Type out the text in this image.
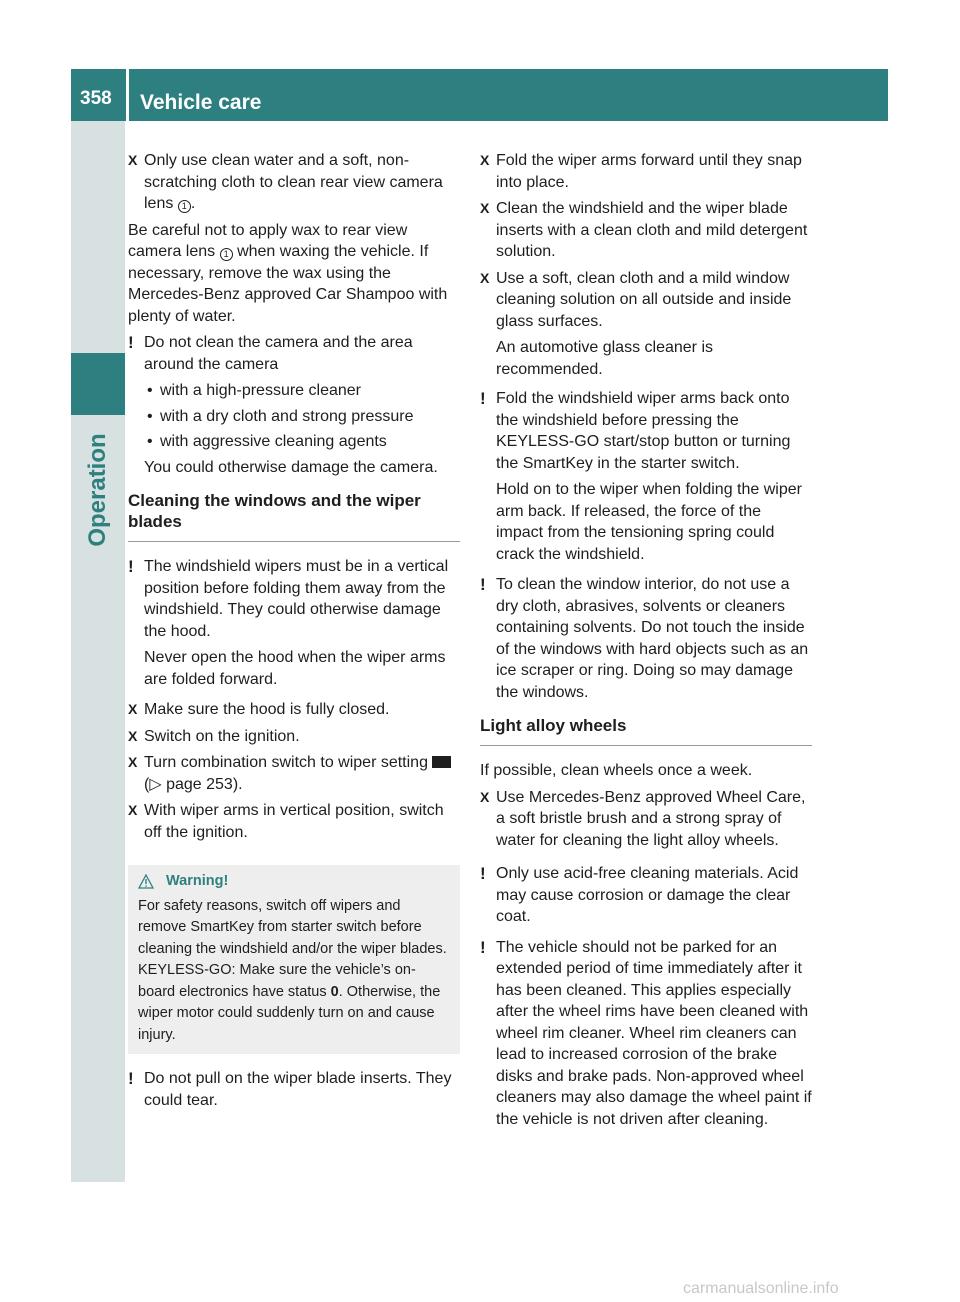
358 Vehicle care
Operation
X Only use clean water and a soft, non-scratching cloth to clean rear view camera lens 1 .
Be careful not to apply wax to rear view camera lens 1 when waxing the vehicle. If necessary, remove the wax using the Mercedes-Benz approved Car Shampoo with plenty of water.
! Do not clean the camera and the area around the camera
• with a high-pressure cleaner
• with a dry cloth and strong pressure
• with aggressive cleaning agents
You could otherwise damage the camera.
Cleaning the windows and the wiper blades
! The windshield wipers must be in a vertical position before folding them away from the windshield. They could otherwise damage the hood.
Never open the hood when the wiper arms are folded forward.
X Make sure the hood is fully closed.
X Switch on the ignition.
X Turn combination switch to wiper setting  (▷ page 253).
X With wiper arms in vertical position, switch off the ignition.
Warning!
For safety reasons, switch off wipers and remove SmartKey from starter switch before cleaning the windshield and/or the wiper blades. KEYLESS-GO: Make sure the vehicle’s on-board electronics have status 0. Otherwise, the wiper motor could suddenly turn on and cause injury.
! Do not pull on the wiper blade inserts. They could tear.
X Fold the wiper arms forward until they snap into place.
X Clean the windshield and the wiper blade inserts with a clean cloth and mild detergent solution.
X Use a soft, clean cloth and a mild window cleaning solution on all outside and inside glass surfaces.
An automotive glass cleaner is recommended.
! Fold the windshield wiper arms back onto the windshield before pressing the KEYLESS-GO start/stop button or turning the SmartKey in the starter switch.
Hold on to the wiper when folding the wiper arm back. If released, the force of the impact from the tensioning spring could crack the windshield.
! To clean the window interior, do not use a dry cloth, abrasives, solvents or cleaners containing solvents. Do not touch the inside of the windows with hard objects such as an ice scraper or ring. Doing so may damage the windows.
Light alloy wheels
If possible, clean wheels once a week.
X Use Mercedes-Benz approved Wheel Care, a soft bristle brush and a strong spray of water for cleaning the light alloy wheels.
! Only use acid-free cleaning materials. Acid may cause corrosion or damage the clear coat.
! The vehicle should not be parked for an extended period of time immediately after it has been cleaned. This applies especially after the wheel rims have been cleaned with wheel rim cleaner. Wheel rim cleaners can lead to increased corrosion of the brake disks and brake pads. Non-approved wheel cleaners may also damage the wheel paint if the vehicle is not driven after cleaning.
carmanualsonline.info
